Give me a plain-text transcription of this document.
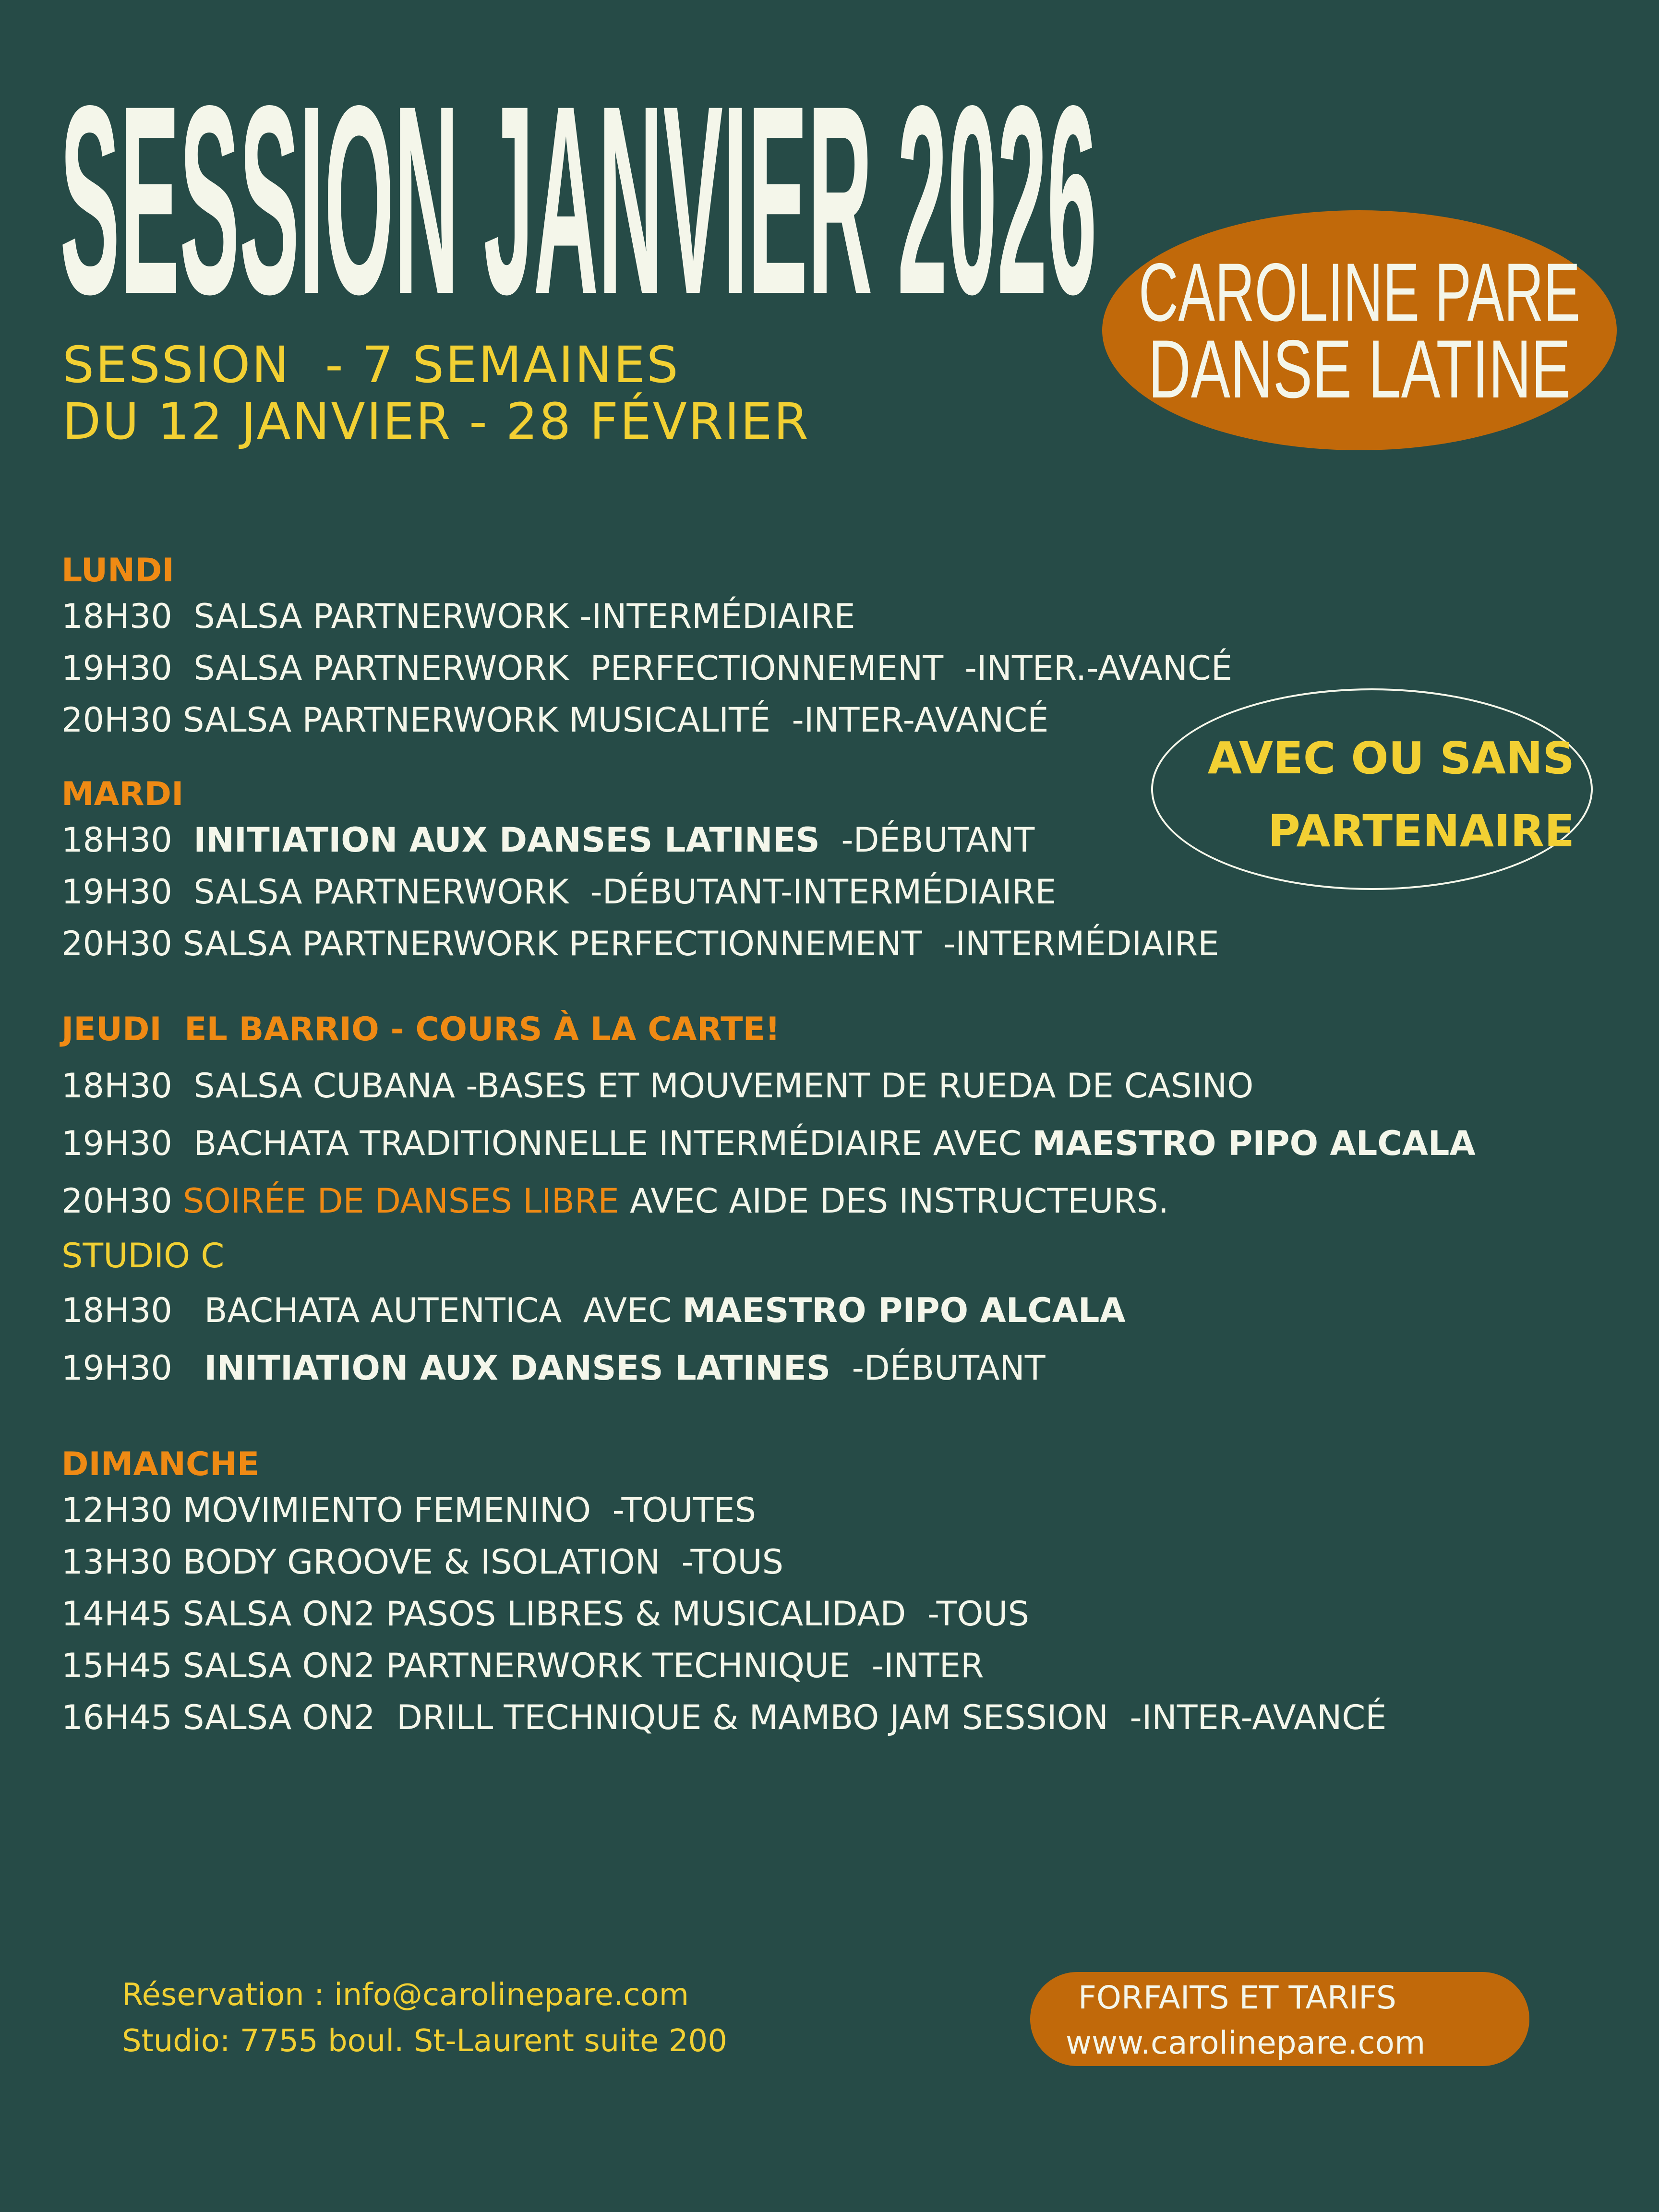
SESSION JANVIER 2026
SESSION  - 7 SEMAINES
DU 12 JANVIER - 28 FÉVRIER
CAROLINE PARE
DANSE LATINE
AVEC OU SANS
PARTENAIRE
LUNDI
18H30  SALSA PARTNERWORK -INTERMÉDIAIRE
19H30  SALSA PARTNERWORK  PERFECTIONNEMENT  -INTER.-AVANCÉ
20H30 SALSA PARTNERWORK MUSICALITÉ  -INTER-AVANCÉ
MARDI
18H30  INITIATION AUX DANSES LATINES  -DÉBUTANT
19H30  SALSA PARTNERWORK  -DÉBUTANT-INTERMÉDIAIRE
20H30 SALSA PARTNERWORK PERFECTIONNEMENT  -INTERMÉDIAIRE
JEUDI  EL BARRIO - COURS À LA CARTE!
18H30  SALSA CUBANA -BASES ET MOUVEMENT DE RUEDA DE CASINO
19H30  BACHATA TRADITIONNELLE INTERMÉDIAIRE AVEC MAESTRO PIPO ALCALA
20H30 SOIRÉE DE DANSES LIBRE AVEC AIDE DES INSTRUCTEURS.
STUDIO C
18H30   BACHATA AUTENTICA  AVEC MAESTRO PIPO ALCALA
19H30   INITIATION AUX DANSES LATINES  -DÉBUTANT
DIMANCHE
12H30 MOVIMIENTO FEMENINO  -TOUTES
13H30 BODY GROOVE & ISOLATION  -TOUS
14H45 SALSA ON2 PASOS LIBRES & MUSICALIDAD  -TOUS
15H45 SALSA ON2 PARTNERWORK TECHNIQUE  -INTER
16H45 SALSA ON2  DRILL TECHNIQUE & MAMBO JAM SESSION  -INTER-AVANCÉ
Réservation : info@carolinepare.com
Studio: 7755 boul. St-Laurent suite 200
FORFAITS ET TARIFS
www.carolinepare.com
